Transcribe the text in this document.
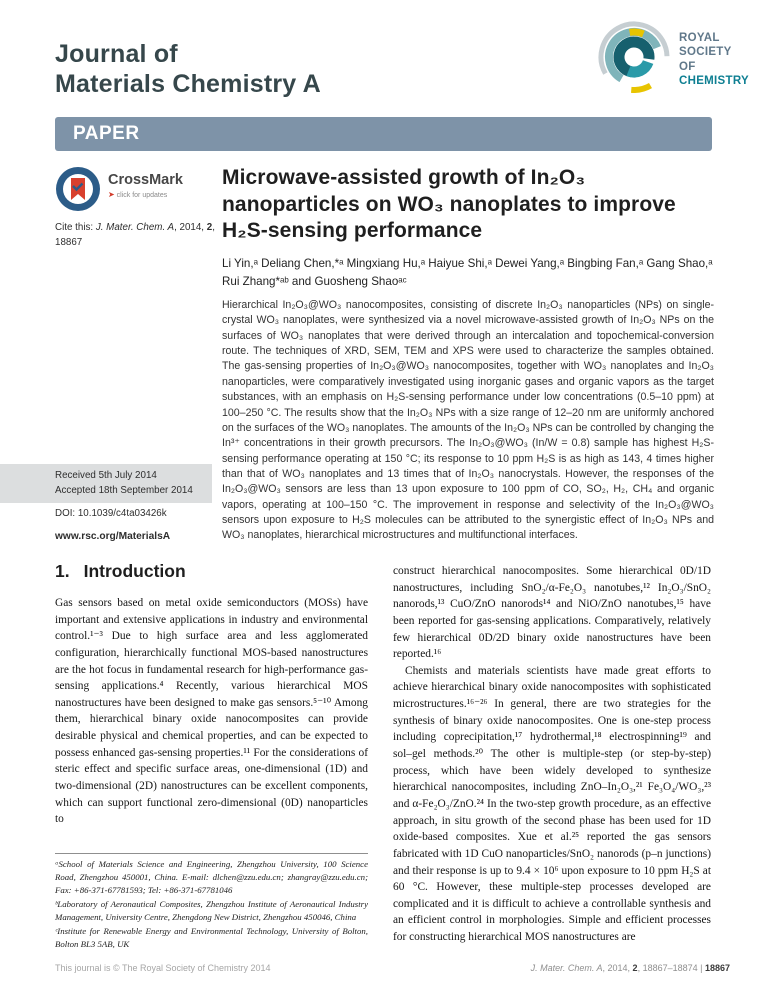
Journal of
Materials Chemistry A
ROYAL SOCIETY
OF CHEMISTRY
PAPER
CrossMark
➤ click for updates
Cite this: J. Mater. Chem. A, 2014, 2, 18867
Received 5th July 2014
Accepted 18th September 2014
DOI: 10.1039/c4ta03426k
www.rsc.org/MaterialsA
Microwave-assisted growth of In₂O₃ nanoparticles on WO₃ nanoplates to improve H₂S-sensing performance
Li Yin,ᵃ Deliang Chen,*ᵃ Mingxiang Hu,ᵃ Haiyue Shi,ᵃ Dewei Yang,ᵃ Bingbing Fan,ᵃ Gang Shao,ᵃ Rui Zhang*ᵃᵇ and Guosheng Shaoᵃᶜ
Hierarchical In₂O₃@WO₃ nanocomposites, consisting of discrete In₂O₃ nanoparticles (NPs) on single-crystal WO₃ nanoplates, were synthesized via a novel microwave-assisted growth of In₂O₃ NPs on the surfaces of WO₃ nanoplates that were derived through an intercalation and topochemical-conversion route. The techniques of XRD, SEM, TEM and XPS were used to characterize the samples obtained. The gas-sensing properties of In₂O₃@WO₃ nanocomposites, together with WO₃ nanoplates and In₂O₃ nanoparticles, were comparatively investigated using inorganic gases and organic vapors as the target substances, with an emphasis on H₂S-sensing performance under low concentrations (0.5–10 ppm) at 100–250 °C. The results show that the In₂O₃ NPs with a size range of 12–20 nm are uniformly anchored on the surfaces of the WO₃ nanoplates. The amounts of the In₂O₃ NPs can be controlled by changing the In³⁺ concentrations in their growth precursors. The In₂O₃@WO₃ (In/W = 0.8) sample has highest H₂S-sensing performance operating at 150 °C; its response to 10 ppm H₂S is as high as 143, 4 times higher than that of WO₃ nanoplates and 13 times that of In₂O₃ nanocrystals. However, the responses of the In₂O₃@WO₃ sensors are less than 13 upon exposure to 100 ppm of CO, SO₂, H₂, CH₄ and organic vapors, operating at 100–150 °C. The improvement in response and selectivity of the In₂O₃@WO₃ sensors upon exposure to H₂S molecules can be attributed to the synergistic effect of In₂O₃ NPs and WO₃ nanoplates, hierarchical microstructures and multifunctional interfaces.
1. Introduction

Gas sensors based on metal oxide semiconductors (MOSs) have important and extensive applications in industry and environmental control.¹⁻³ Due to high surface area and less agglomerated configuration, hierarchically functional MOS-based nanostructures are the hot focus in fundamental research for high-performance gas-sensing applications.⁴ Recently, various hierarchical MOS nanostructures have been designed to make gas sensors.⁵⁻¹⁰ Among them, hierarchical binary oxide nanocomposites can provide desirable physical and chemical properties, and can be expected to possess enhanced gas-sensing properties.¹¹ For the considerations of steric effect and specific surface areas, one-dimensional (1D) and two-dimensional (2D) nanostructures can be excellent components, which can support functional zero-dimensional (0D) nanoparticles to

construct hierarchical nanocomposites. Some hierarchical 0D/1D nanostructures, including SnO₂/α-Fe₂O₃ nanotubes,¹² In₂O₃/SnO₂ nanorods,¹³ CuO/ZnO nanorods¹⁴ and NiO/ZnO nanotubes,¹⁵ have been reported for gas-sensing applications. Comparatively, relatively few hierarchical 0D/2D binary oxide nanostructures have been reported.¹⁶

Chemists and materials scientists have made great efforts to achieve hierarchical binary oxide nanocomposites with sophisticated microstructures.¹⁶⁻²⁶ In general, there are two strategies for the synthesis of binary oxide nanocomposites. One is one-step process including coprecipitation,¹⁷ hydrothermal,¹⁸ electrospinning¹⁹ and sol–gel methods.²⁰ The other is multiple-step (or step-by-step) process, which have been widely developed to synthesize hierarchical nanocomposites, including ZnO–In₂O₃,²¹ Fe₃O₄/WO₃,²³ and α-Fe₂O₃/ZnO.²⁴ In the two-step growth procedure, as an effective approach, in situ growth of the second phase has been used for 1D oxide-based composites. Xue et al.²⁵ reported the gas sensors fabricated with 1D CuO nanoparticles/SnO₂ nanorods (p–n junctions) and their response is up to 9.4 × 10⁶ upon exposure to 10 ppm H₂S at 60 °C. However, these multiple-step processes developed are complicated and it is difficult to achieve a controllable synthesis and an efficient control in morphologies. Simple and efficient processes for constructing hierarchical MOS nanostructures are

ᵃSchool of Materials Science and Engineering, Zhengzhou University, 100 Science Road, Zhengzhou 450001, China. E-mail: dlchen@zzu.edu.cn; zhangray@zzu.edu.cn; Fax: +86-371-67781593; Tel: +86-371-67781046

ᵇLaboratory of Aeronautical Composites, Zhengzhou Institute of Aeronautical Industry Management, University Centre, Zhengdong New District, Zhengzhou 450046, China

ᶜInstitute for Renewable Energy and Environmental Technology, University of Bolton, Bolton BL3 5AB, UK

This journal is © The Royal Society of Chemistry 2014	J. Mater. Chem. A, 2014, 2, 18867–18874 | 18867
